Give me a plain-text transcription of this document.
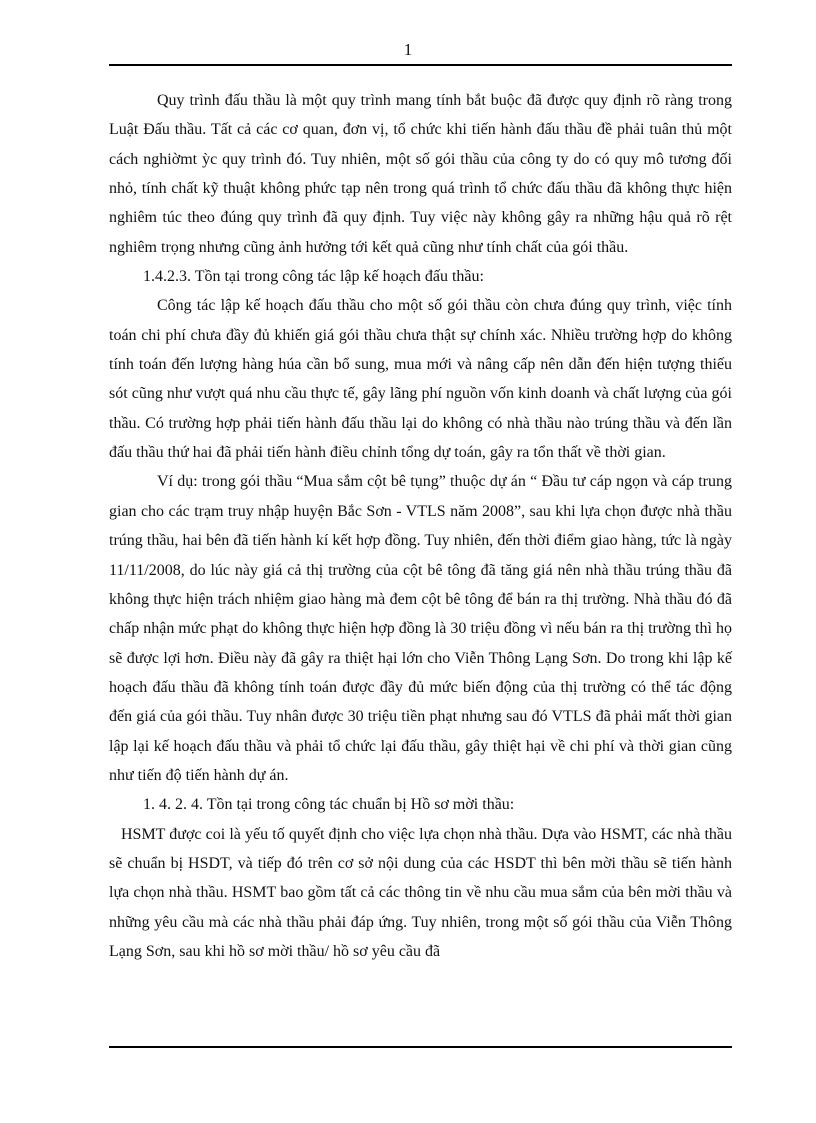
1

Quy trình đấu thầu là một quy trình mang tính bắt buộc đã được quy định rõ ràng trong Luật Đấu thầu. Tất cả các cơ quan, đơn vị, tổ chức khi tiến hành đấu thầu đề phải tuân thủ một cách nghiờmt ỳc quy trình đó. Tuy nhiên, một số gói thầu của công ty do có quy mô tương đối nhỏ, tính chất kỹ thuật không phức tạp nên trong quá trình tổ chức đấu thầu đã không thực hiện nghiêm túc theo đúng quy trình đã quy định. Tuy việc này không gây ra những hậu quả rõ rệt nghiêm trọng nhưng cũng ảnh hưởng tới kết quả cũng như tính chất của gói thầu.

1.4.2.3. Tồn tại trong công tác lập kế hoạch đấu thầu:

Công tác lập kế hoạch đấu thầu cho một số gói thầu còn chưa đúng quy trình, việc tính toán chi phí chưa đầy đủ khiến giá gói thầu chưa thật sự chính xác. Nhiều trường hợp do không tính toán đến lượng hàng húa cần bổ sung, mua mới và nâng cấp nên dẫn đến hiện tượng thiếu sót cũng như vượt quá nhu cầu thực tế, gây lãng phí nguồn vốn kinh doanh và chất lượng của gói thầu. Có trường hợp phải tiến hành đấu thầu lại do không có nhà thầu nào trúng thầu và đến lần đấu thầu thứ hai đã phải tiến hành điều chỉnh tổng dự toán, gây ra tổn thất về thời gian.

Ví dụ: trong gói thầu “Mua sắm cột bê tụng” thuộc dự án “ Đầu tư cáp ngọn và cáp trung gian cho các trạm truy nhập huyện Bắc Sơn - VTLS năm 2008”, sau khi lựa chọn được nhà thầu trúng thầu, hai bên đã tiến hành kí kết hợp đồng. Tuy nhiên, đến thời điểm giao hàng, tức là ngày 11/11/2008, do lúc này giá cả thị trường của cột bê tông đã tăng giá nên nhà thầu trúng thầu đã không thực hiện trách nhiệm giao hàng mà đem cột bê tông để bán ra thị trường. Nhà thầu đó đã chấp nhận mức phạt do không thực hiện hợp đồng là 30 triệu đồng vì nếu bán ra thị trường thì họ sẽ được lợi hơn. Điều này đã gây ra thiệt hại lớn cho Viễn Thông Lạng Sơn. Do trong khi lập kế hoạch đấu thầu đã không tính toán được đầy đủ mức biến động của thị trường có thể tác động đến giá của gói thầu. Tuy nhân được 30 triệu tiền phạt nhưng sau đó VTLS đã phải mất thời gian lập lại kế hoạch đấu thầu và phải tổ chức lại đấu thầu, gây thiệt hại về chi phí và thời gian cũng như tiến độ tiến hành dự án.

1. 4. 2. 4. Tồn tại trong công tác chuẩn bị Hồ sơ mời thầu:

HSMT được coi là yếu tố quyết định cho việc lựa chọn nhà thầu. Dựa vào HSMT, các nhà thầu sẽ chuẩn bị HSDT, và tiếp đó trên cơ sở nội dung của các HSDT thì bên mời thầu sẽ tiến hành lựa chọn nhà thầu. HSMT bao gồm tất cả các thông tin về nhu cầu mua sắm của bên mời thầu và những yêu cầu mà các nhà thầu phải đáp ứng. Tuy nhiên, trong một số gói thầu của Viễn Thông Lạng Sơn, sau khi hồ sơ mời thầu/ hồ sơ yêu cầu đã
